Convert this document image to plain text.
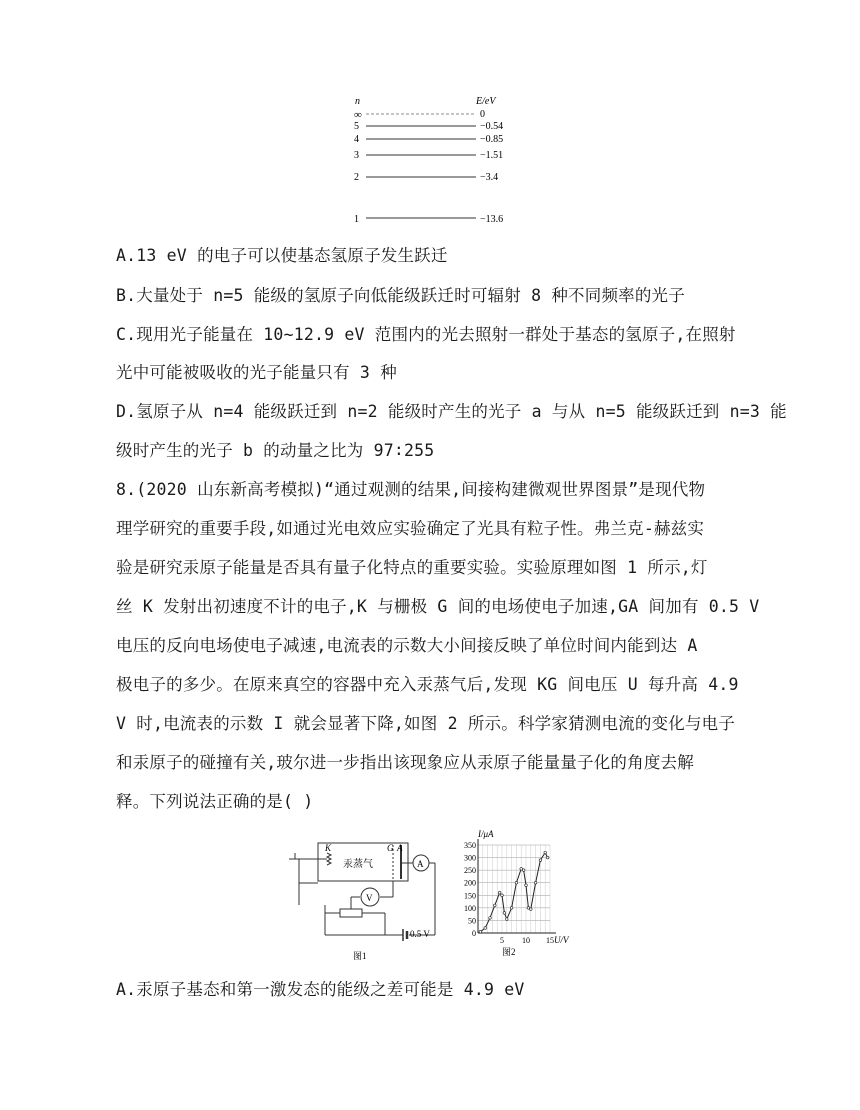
n	E/eV
∞	0
5	−0.54
4	−0.85
3	−1.51
2	−3.4
1	−13.6
A.13 eV 的电子可以使基态氢原子发生跃迁
B.大量处于 n=5 能级的氢原子向低能级跃迁时可辐射 8 种不同频率的光子
C.现用光子能量在 10~12.9 eV 范围内的光去照射一群处于基态的氢原子,在照射
光中可能被吸收的光子能量只有 3 种
D.氢原子从 n=4 能级跃迁到 n=2 能级时产生的光子 a 与从 n=5 能级跃迁到 n=3 能
级时产生的光子 b 的动量之比为 97∶255
8.(2020 山东新高考模拟)“通过观测的结果,间接构建微观世界图景”是现代物
理学研究的重要手段,如通过光电效应实验确定了光具有粒子性。弗兰克-赫兹实
验是研究汞原子能量是否具有量子化特点的重要实验。实验原理如图 1 所示,灯
丝 K 发射出初速度不计的电子,K 与栅极 G 间的电场使电子加速,GA 间加有 0.5 V
电压的反向电场使电子减速,电流表的示数大小间接反映了单位时间内能到达 A
极电子的多少。在原来真空的容器中充入汞蒸气后,发现 KG 间电压 U 每升高 4.9
V 时,电流表的示数 I 就会显著下降,如图 2 所示。科学家猜测电流的变化与电子
和汞原子的碰撞有关,玻尔进一步指出该现象应从汞原子能量量子化的角度去解
释。下列说法正确的是( )
K	G A
汞蒸气	A
V
0.5 V
图1
350
300
250
200
150
100
50
0
5 10 15
I/μA
U/V
图2
A.汞原子基态和第一激发态的能级之差可能是 4.9 eV
